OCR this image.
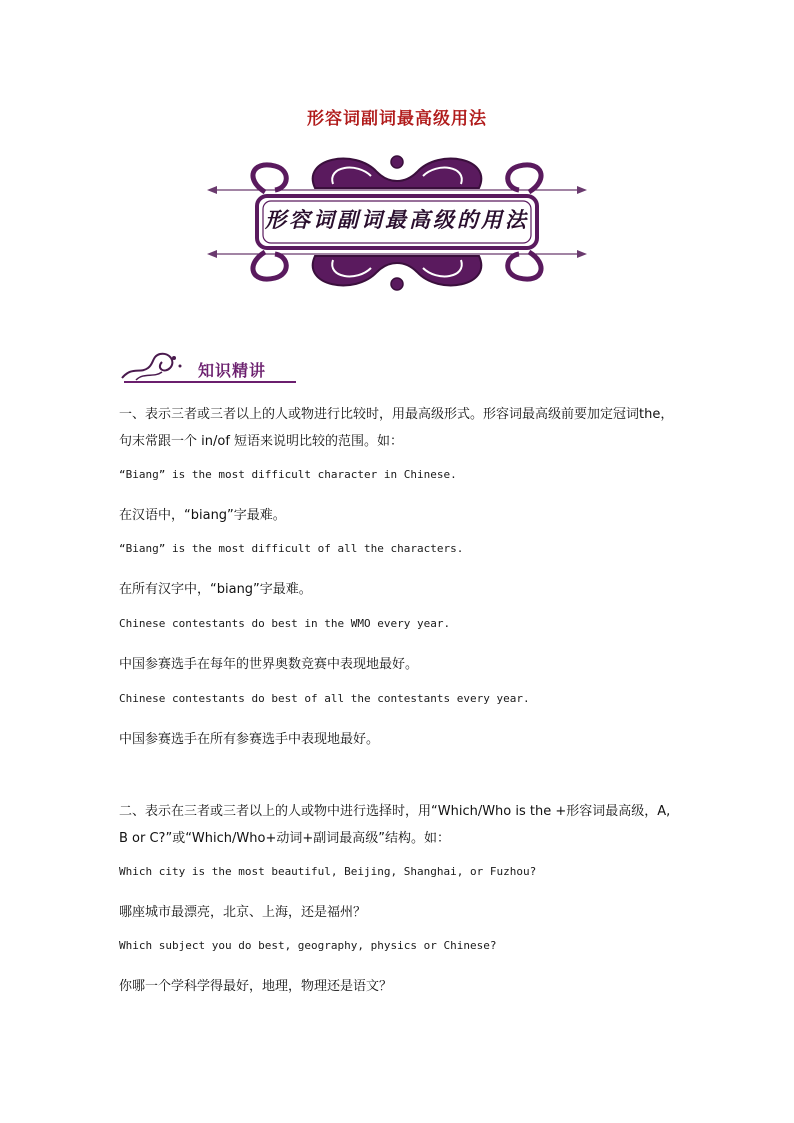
形容词副词最高级用法
形容词副词最高级的用法
知识精讲

一、表示三者或三者以上的人或物进行比较时，用最高级形式。形容词最高级前要加定冠词the，句末常跟一个 in/of 短语来说明比较的范围。如：

“Biang” is the most difficult character in Chinese.
在汉语中，“biang”字最难。
“Biang” is the most difficult of all the characters.
在所有汉字中，“biang”字最难。
Chinese contestants do best in the WMO every year.
中国参赛选手在每年的世界奥数竞赛中表现地最好。
Chinese contestants do best of all the contestants every year.
中国参赛选手在所有参赛选手中表现地最好。

二、表示在三者或三者以上的人或物中进行选择时，用“Which/Who is the +形容词最高级，A, B or C?”或“Which/Who+动词+副词最高级”结构。如：

Which city is the most beautiful, Beijing, Shanghai, or Fuzhou?
哪座城市最漂亮，北京、上海，还是福州？
Which subject you do best, geography, physics or Chinese?
你哪一个学科学得最好，地理，物理还是语文？
